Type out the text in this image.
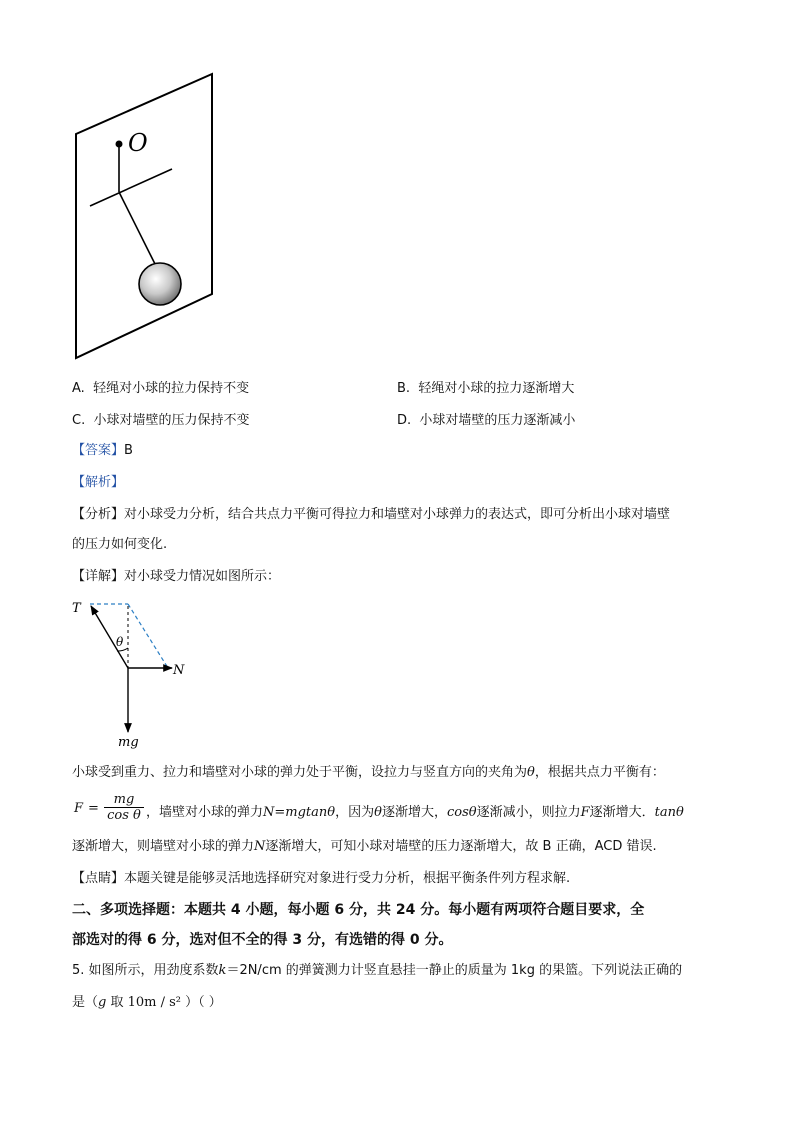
O
A. 轻绳对小球的拉力保持不变	B. 轻绳对小球的拉力逐渐增大
C. 小球对墙壁的压力保持不变	D. 小球对墙壁的压力逐渐减小
【答案】B
【解析】
【分析】对小球受力分析，结合共点力平衡可得拉力和墙壁对小球弹力的表达式，即可分析出小球对墙壁
的压力如何变化.
【详解】对小球受力情况如图所示：
T
θ
N
mg
小球受到重力、拉力和墙壁对小球的弹力处于平衡，设拉力与竖直方向的夹角为θ，根据共点力平衡有：
$F = \frac{mg}{\text{cos θ}}$ ，墙壁对小球的弹力N=mgtanθ，因为θ逐渐增大，cosθ逐渐减小，则拉力F逐渐增大．tanθ
逐渐增大，则墙壁对小球的弹力N逐渐增大，可知小球对墙壁的压力逐渐增大，故 B 正确，ACD 错误.
【点睛】本题关键是能够灵活地选择研究对象进行受力分析，根据平衡条件列方程求解.
二、多项选择题：本题共 4 小题，每小题 6 分，共 24 分。每小题有两项符合题目要求，全
部选对的得 6 分，选对但不全的得 3 分，有选错的得 0 分。
5. 如图所示，用劲度系数k＝2N/cm 的弹簧测力计竖直悬挂一静止的质量为 1kg 的果篮。下列说法正确的
是（g 取 10m / s² ）（ ）
